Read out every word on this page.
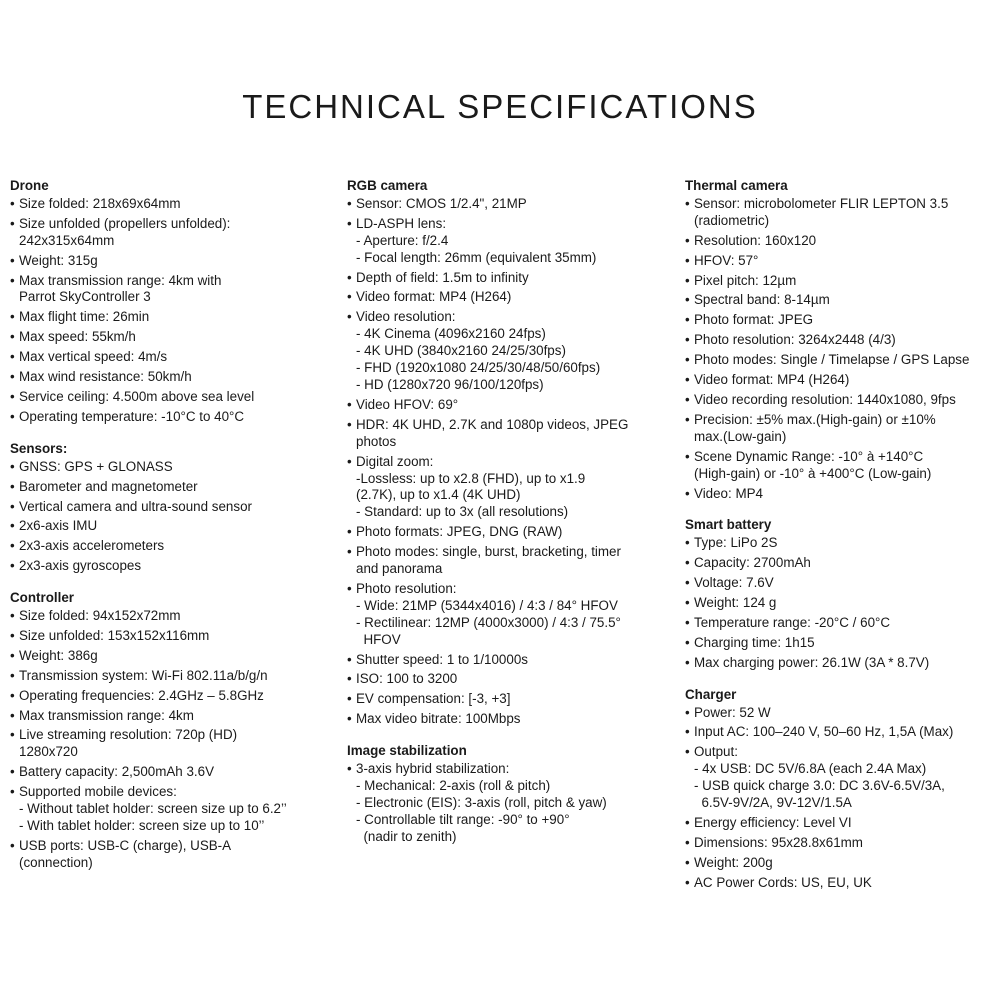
TECHNICAL SPECIFICATIONS
Drone
• Size folded: 218x69x64mm
• Size unfolded (propellers unfolded):
242x315x64mm
• Weight: 315g
• Max transmission range: 4km with
Parrot SkyController 3
• Max flight time: 26min
• Max speed: 55km/h
• Max vertical speed: 4m/s
• Max wind resistance: 50km/h
• Service ceiling: 4.500m above sea level
• Operating temperature: -10°C to 40°C
Sensors:
• GNSS: GPS + GLONASS
• Barometer and magnetometer
• Vertical camera and ultra-sound sensor
• 2x6-axis IMU
• 2x3-axis accelerometers
• 2x3-axis gyroscopes
Controller
• Size folded: 94x152x72mm
• Size unfolded: 153x152x116mm
• Weight: 386g
• Transmission system: Wi-Fi 802.11a/b/g/n
• Operating frequencies: 2.4GHz – 5.8GHz
• Max transmission range: 4km
• Live streaming resolution: 720p (HD)
1280x720
• Battery capacity: 2,500mAh 3.6V
• Supported mobile devices:
- Without tablet holder: screen size up to 6.2’’
- With tablet holder: screen size up to 10’’
• USB ports: USB-C (charge), USB-A
(connection)
RGB camera
• Sensor: CMOS 1/2.4", 21MP
• LD-ASPH lens:
- Aperture: f/2.4
- Focal length: 26mm (equivalent 35mm)
• Depth of field: 1.5m to infinity
• Video format: MP4 (H264)
• Video resolution:
- 4K Cinema (4096x2160 24fps)
- 4K UHD (3840x2160 24/25/30fps)
- FHD (1920x1080 24/25/30/48/50/60fps)
- HD (1280x720 96/100/120fps)
• Video HFOV: 69°
• HDR: 4K UHD, 2.7K and 1080p videos, JPEG
photos
• Digital zoom:
-Lossless: up to x2.8 (FHD), up to x1.9
(2.7K), up to x1.4 (4K UHD)
- Standard: up to 3x (all resolutions)
• Photo formats: JPEG, DNG (RAW)
• Photo modes: single, burst, bracketing, timer
and panorama
• Photo resolution:
- Wide: 21MP (5344x4016) / 4:3 / 84° HFOV
- Rectilinear: 12MP (4000x3000) / 4:3 / 75.5°
HFOV
• Shutter speed: 1 to 1/10000s
• ISO: 100 to 3200
• EV compensation: [-3, +3]
• Max video bitrate: 100Mbps
Image stabilization
• 3-axis hybrid stabilization:
- Mechanical: 2-axis (roll & pitch)
- Electronic (EIS): 3-axis (roll, pitch & yaw)
- Controllable tilt range: -90° to +90°
(nadir to zenith)
Thermal camera
• Sensor: microbolometer FLIR LEPTON 3.5
(radiometric)
• Resolution: 160x120
• HFOV: 57°
• Pixel pitch: 12µm
• Spectral band: 8-14µm
• Photo format: JPEG
• Photo resolution: 3264x2448 (4/3)
• Photo modes: Single / Timelapse / GPS Lapse
• Video format: MP4 (H264)
• Video recording resolution: 1440x1080, 9fps
• Precision: ±5% max.(High-gain) or ±10%
max.(Low-gain)
• Scene Dynamic Range: -10° à +140°C
(High-gain) or -10° à +400°C (Low-gain)
• Video: MP4
Smart battery
• Type: LiPo 2S
• Capacity: 2700mAh
• Voltage: 7.6V
• Weight: 124 g
• Temperature range: -20°C / 60°C
• Charging time: 1h15
• Max charging power: 26.1W (3A * 8.7V)
Charger
• Power: 52 W
• Input AC: 100–240 V, 50–60 Hz, 1,5A (Max)
• Output:
- 4x USB: DC 5V/6.8A (each 2.4A Max)
- USB quick charge 3.0: DC 3.6V-6.5V/3A,
6.5V-9V/2A, 9V-12V/1.5A
• Energy efficiency: Level VI
• Dimensions: 95x28.8x61mm
• Weight: 200g
• AC Power Cords: US, EU, UK
